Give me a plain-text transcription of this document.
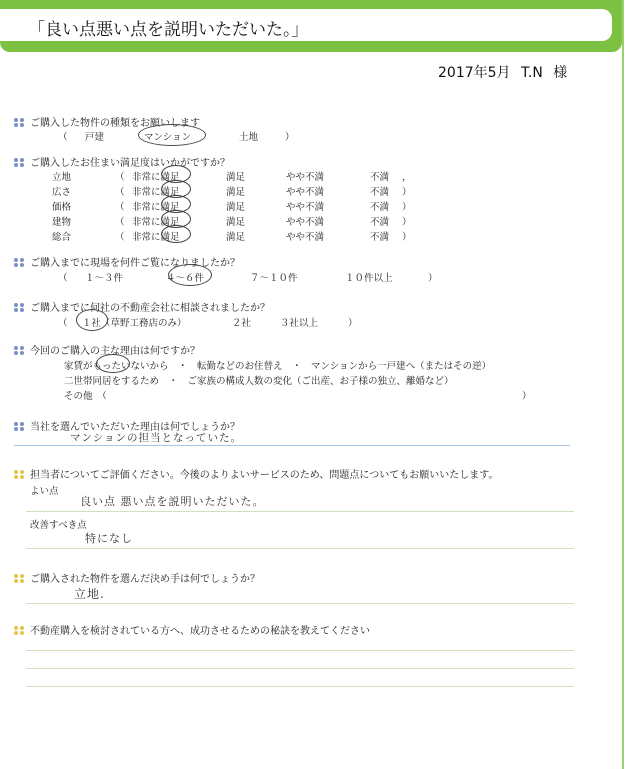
「良い点悪い点を説明いただいた。」
2017年5月 T.N 様
ご購入した物件の種類をお願いします
（ 戸建	マンション	土地	）
ご購入したお住まい満足度はいかがですか？
立地	（ 非常に満足	満足	やや不満	不満 ，
広さ	（ 非常に満足	満足	やや不満	不満 ）
価格	（ 非常に満足	満足	やや不満	不満 ）
建物	（ 非常に満足	満足	やや不満	不満 ）
総合	（ 非常に満足	満足	やや不満	不満 ）
ご購入までに現場を何件ご覧になりましたか？
（ １～３件	４～６件	７～１０件	１０件以上	）
ご購入までに何社の不動産会社に相談されましたか？
（ １社（草野工務店のみ）	２社	３社以上	）
今回のご購入の主な理由は何ですか？
家賃がもったいないから　・　転勤などのお住替え　・　マンションから一戸建へ（またはその逆）
二世帯同居をするため　・　ご家族の構成人数の変化（ご出産、お子様の独立、離婚など）
その他　（	）
当社を選んでいただいた理由は何でしょうか？
マンションの担当となっていた。
担当者についてご評価ください。今後のよりよいサービスのため、問題点についてもお願いいたします。
よい点
良い点 悪い点を説明いただいた。
改善すべき点
特になし
ご購入された物件を選んだ決め手は何でしょうか？
立地.
不動産購入を検討されている方へ、成功させるための秘訣を教えてください
